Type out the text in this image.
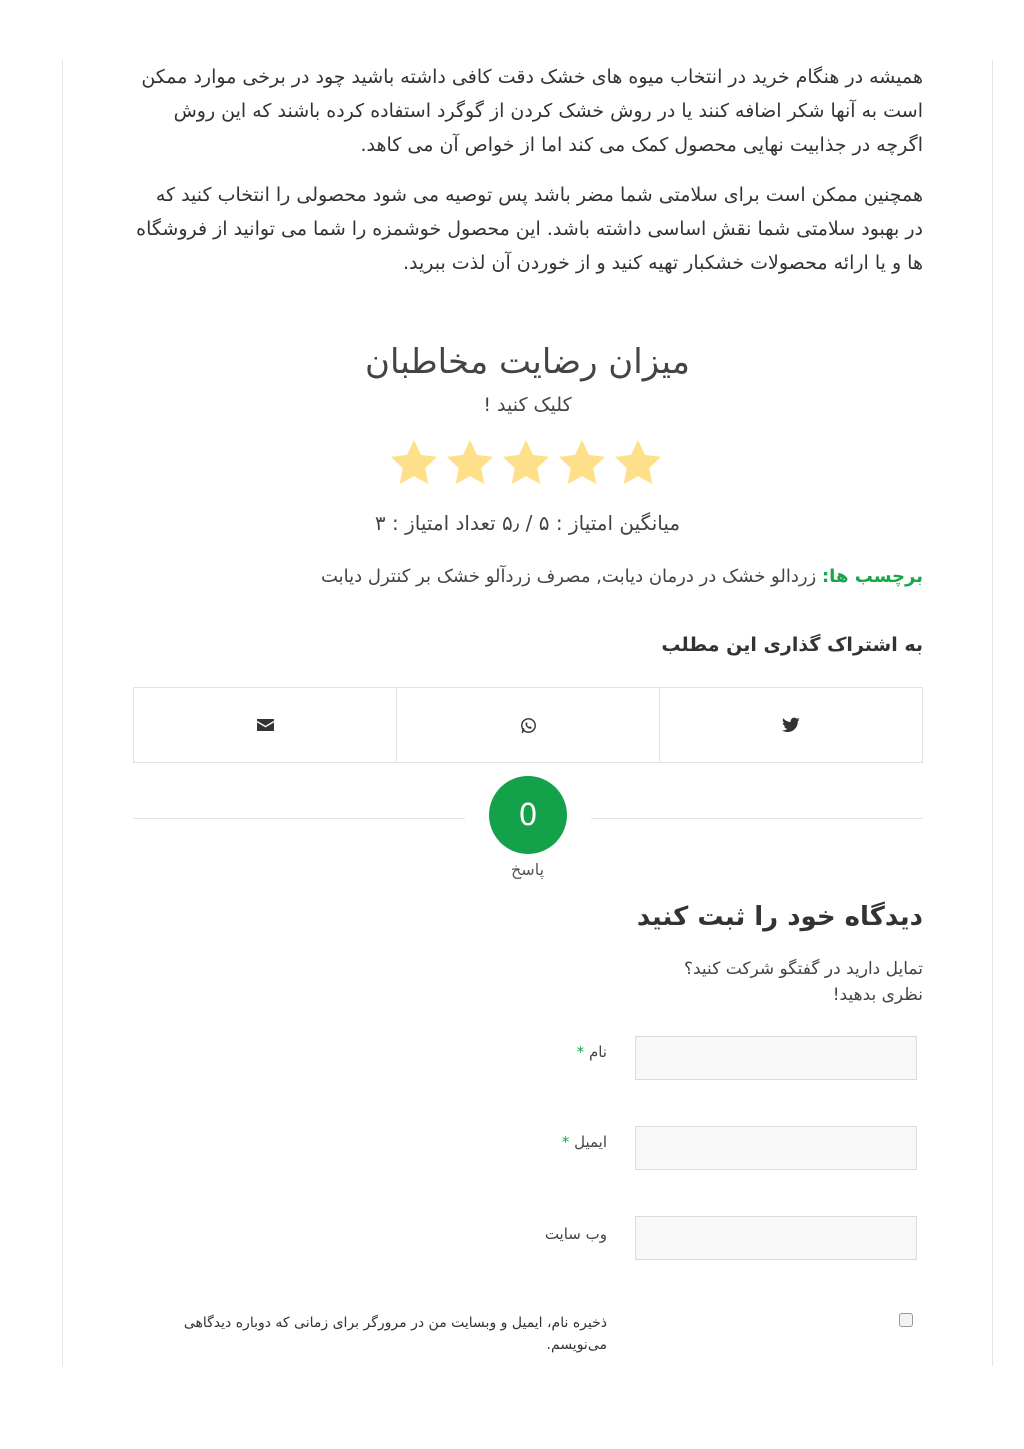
همیشه در هنگام خرید در انتخاب میوه های خشک دقت کافی داشته باشید چود در برخی موارد ممکن است به آنها شکر اضافه کنند یا در روش خشک کردن از گوگرد استفاده کرده باشند که این روش اگرچه در جذابیت نهایی محصول کمک می کند اما از خواص آن می کاهد.

همچنین ممکن است برای سلامتی شما مضر باشد پس توصیه می شود محصولی را انتخاب کنید که در بهبود سلامتی شما نقش اساسی داشته باشد. این محصول خوشمزه را شما می توانید از فروشگاه ها و یا ارائه محصولات خشکبار تهیه کنید و از خوردن آن لذت ببرید.

میزان رضایت مخاطبان
کلیک کنید !
میانگین امتیاز : ۵ / ۵٫ تعداد امتیاز : ۳
برچسب ها: زردالو خشک در درمان دیابت, مصرف زردآلو خشک بر کنترل دیابت
به اشتراک گذاری این مطلب
0
پاسخ
دیدگاه خود را ثبت کنید
تمایل دارید در گفتگو شرکت کنید؟
نظری بدهید!
نام *
ایمیل *
وب سایت
ذخیره نام، ایمیل و وبسایت من در مرورگر برای زمانی که دوباره دیدگاهی می‌نویسم.
